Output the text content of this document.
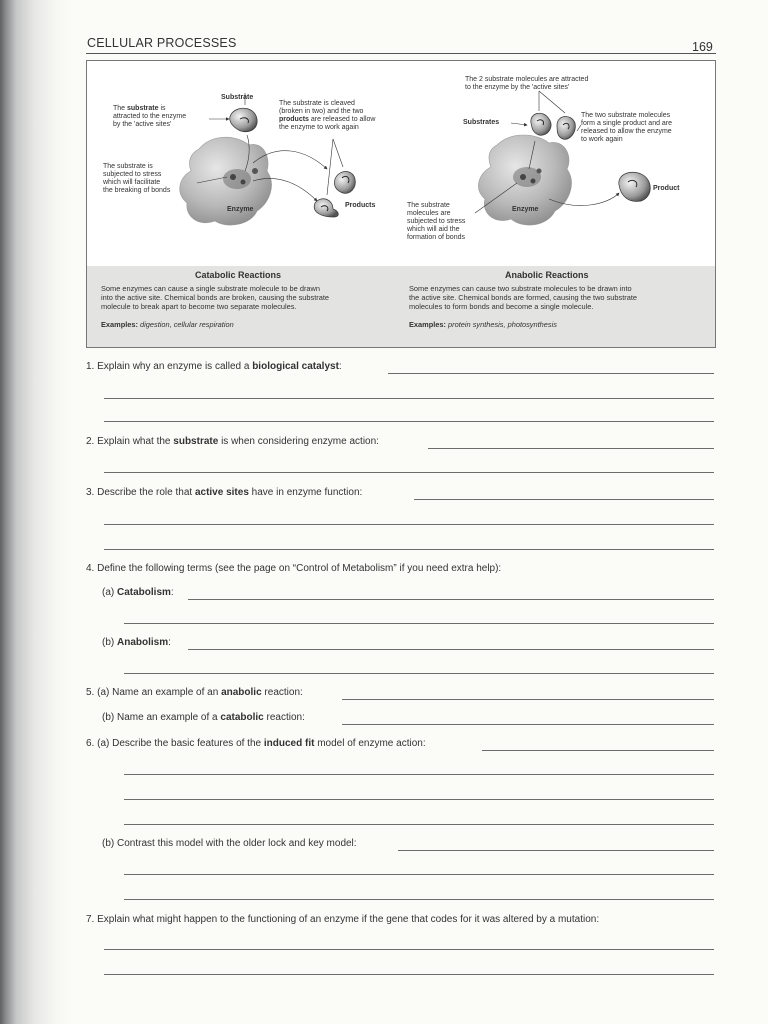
CELLULAR PROCESSES	169
Substrate
The substrate is
attracted to the enzyme
by the 'active sites'
The substrate is cleaved
(broken in two) and the two
products are released to allow
the enzyme to work again
The substrate is
subjected to stress
which will facilitate
the breaking of bonds
Enzyme
Products
The 2 substrate molecules are attracted
to the enzyme by the 'active sites'
Substrates
The two substrate molecules
form a single product and are
released to allow the enzyme
to work again
Product
The substrate
molecules are
subjected to stress
which will aid the
formation of bonds
Enzyme
Catabolic Reactions
Some enzymes can cause a single substrate molecule to be drawn
into the active site. Chemical bonds are broken, causing the substrate
molecule to break apart to become two separate molecules.
Examples: digestion, cellular respiration
Anabolic Reactions
Some enzymes can cause two substrate molecules to be drawn into
the active site. Chemical bonds are formed, causing the two substrate
molecules to form bonds and become a single molecule.
Examples: protein synthesis, photosynthesis
1. Explain why an enzyme is called a biological catalyst:
2. Explain what the substrate is when considering enzyme action:
3. Describe the role that active sites have in enzyme function:
4. Define the following terms (see the page on “Control of Metabolism” if you need extra help):
(a) Catabolism:
(b) Anabolism:
5. (a) Name an example of an anabolic reaction:
(b) Name an example of a catabolic reaction:
6. (a) Describe the basic features of the induced fit model of enzyme action:
(b) Contrast this model with the older lock and key model:
7. Explain what might happen to the functioning of an enzyme if the gene that codes for it was altered by a mutation:
